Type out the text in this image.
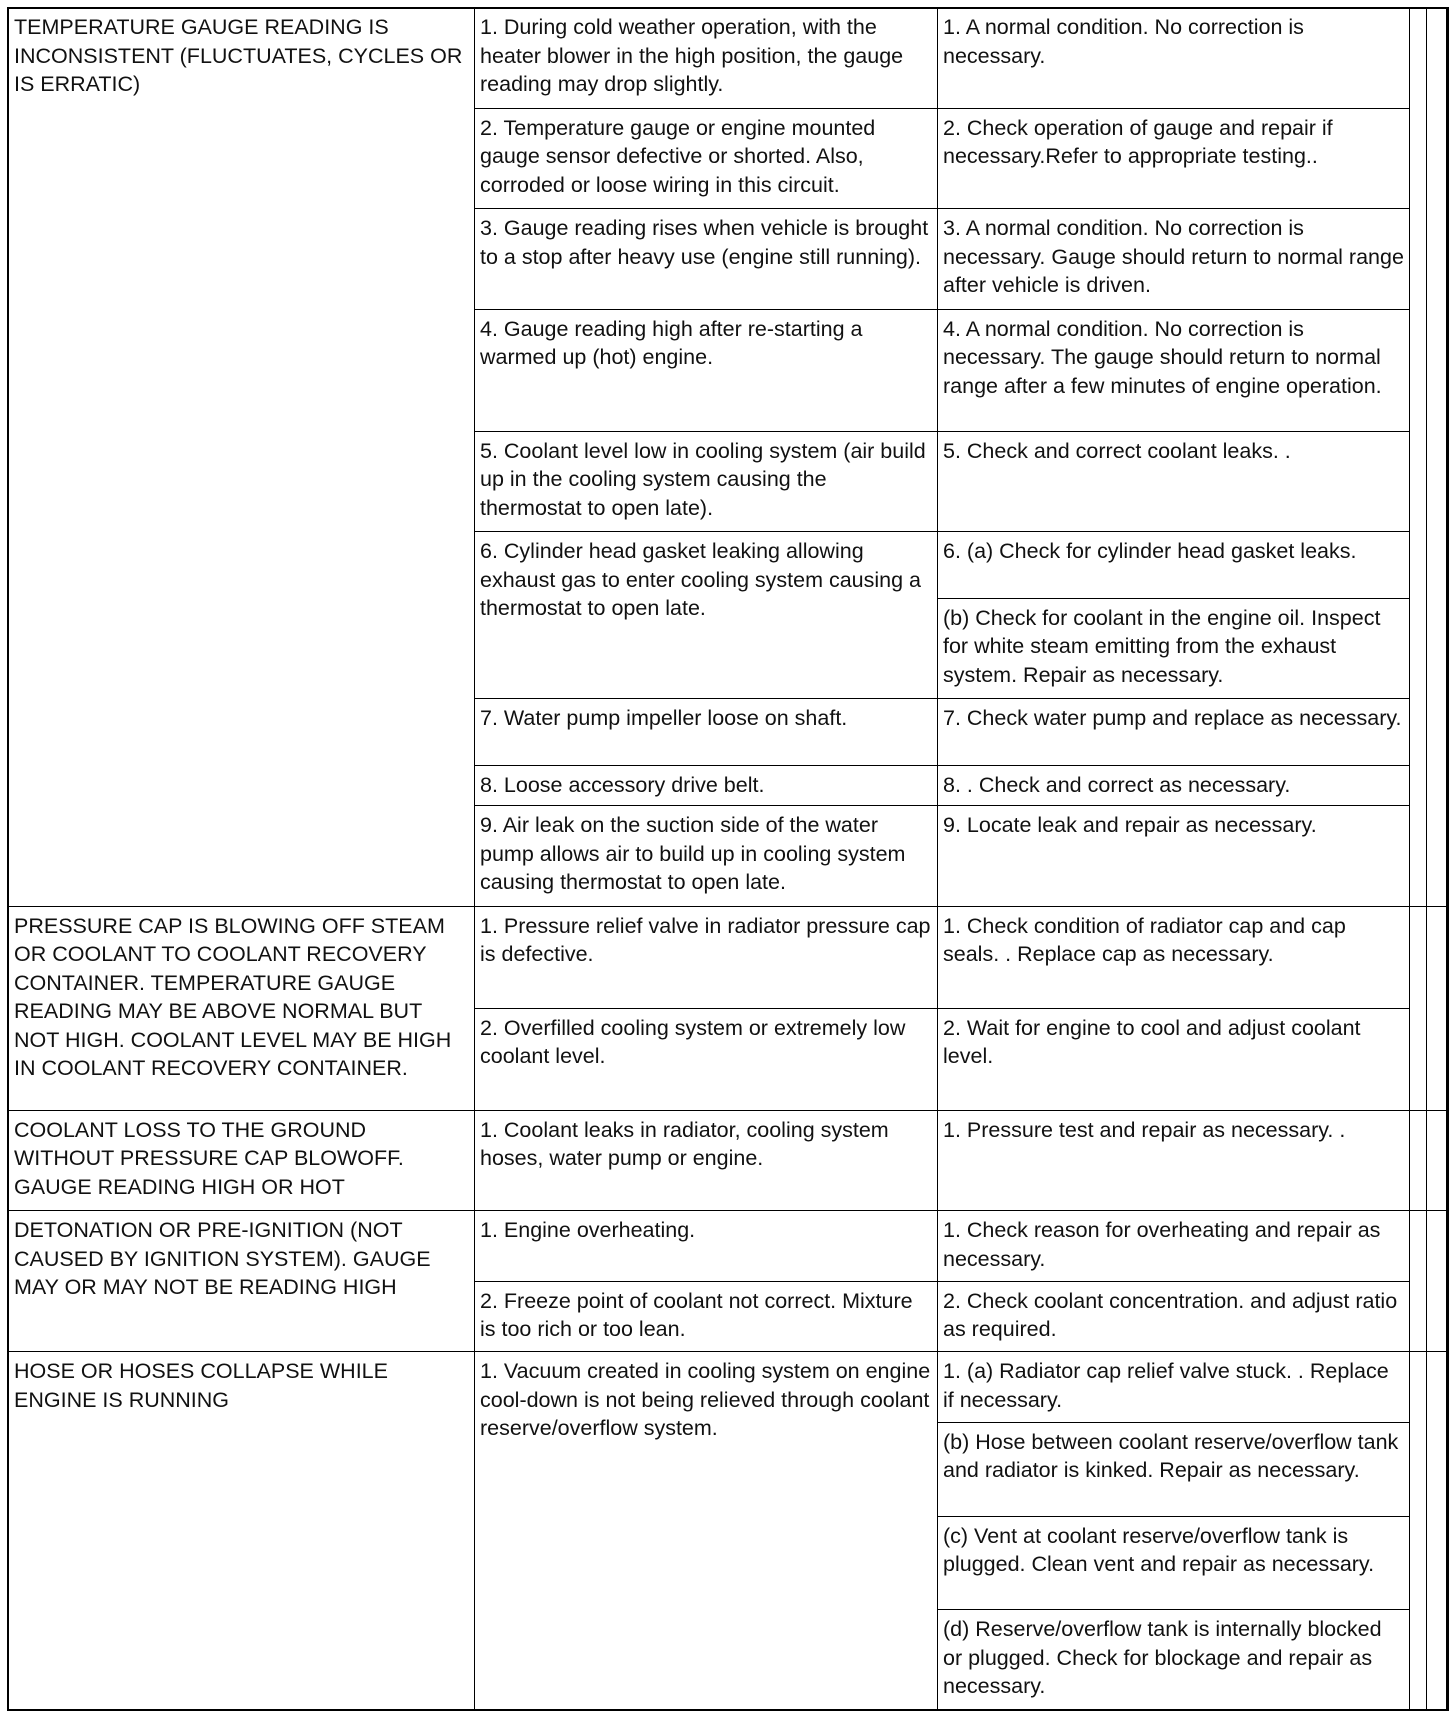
TEMPERATURE GAUGE READING IS INCONSISTENT (FLUCTUATES, CYCLES OR IS ERRATIC)	1. During cold weather operation, with the heater blower in the high position, the gauge reading may drop slightly.	1. A normal condition. No correction is necessary.		
	2. Temperature gauge or engine mounted gauge sensor defective or shorted. Also, corroded or loose wiring in this circuit.	2. Check operation of gauge and repair if necessary.Refer to appropriate testing..		
	3. Gauge reading rises when vehicle is brought to a stop after heavy use (engine still running).	3. A normal condition. No correction is necessary. Gauge should return to normal range after vehicle is driven.		
	4. Gauge reading high after re-starting a warmed up (hot) engine.	4. A normal condition. No correction is necessary. The gauge should return to normal range after a few minutes of engine operation.		
	5. Coolant level low in cooling system (air build up in the cooling system causing the thermostat to open late).	5. Check and correct coolant leaks. .		
	6. Cylinder head gasket leaking allowing exhaust gas to enter cooling system causing a thermostat to open late.	6. (a) Check for cylinder head gasket leaks.		
		(b) Check for coolant in the engine oil. Inspect for white steam emitting from the exhaust system. Repair as necessary.		
	7. Water pump impeller loose on shaft.	7. Check water pump and replace as necessary.		
	8. Loose accessory drive belt.	8. . Check and correct as necessary.		
	9. Air leak on the suction side of the water pump allows air to build up in cooling system causing thermostat to open late.	9. Locate leak and repair as necessary.		
PRESSURE CAP IS BLOWING OFF STEAM OR COOLANT TO COOLANT RECOVERY CONTAINER. TEMPERATURE GAUGE READING MAY BE ABOVE NORMAL BUT NOT HIGH. COOLANT LEVEL MAY BE HIGH IN COOLANT RECOVERY CONTAINER.	1. Pressure relief valve in radiator pressure cap is defective.	1. Check condition of radiator cap and cap seals. . Replace cap as necessary.		
	2. Overfilled cooling system or extremely low coolant level.	2. Wait for engine to cool and adjust coolant level.		
COOLANT LOSS TO THE GROUND WITHOUT PRESSURE CAP BLOWOFF. GAUGE READING HIGH OR HOT	1. Coolant leaks in radiator, cooling system hoses, water pump or engine.	1. Pressure test and repair as necessary. .		
DETONATION OR PRE-IGNITION (NOT CAUSED BY IGNITION SYSTEM). GAUGE MAY OR MAY NOT BE READING HIGH	1. Engine overheating.	1. Check reason for overheating and repair as necessary.		
	2. Freeze point of coolant not correct. Mixture is too rich or too lean.	2. Check coolant concentration. and adjust ratio as required.		
HOSE OR HOSES COLLAPSE WHILE ENGINE IS RUNNING	1. Vacuum created in cooling system on engine cool-down is not being relieved through coolant reserve/overflow system.	1. (a) Radiator cap relief valve stuck. . Replace if necessary.		
		(b) Hose between coolant reserve/overflow tank and radiator is kinked. Repair as necessary.		
		(c) Vent at coolant reserve/overflow tank is plugged. Clean vent and repair as necessary.		
		(d) Reserve/overflow tank is internally blocked or plugged. Check for blockage and repair as necessary.		
